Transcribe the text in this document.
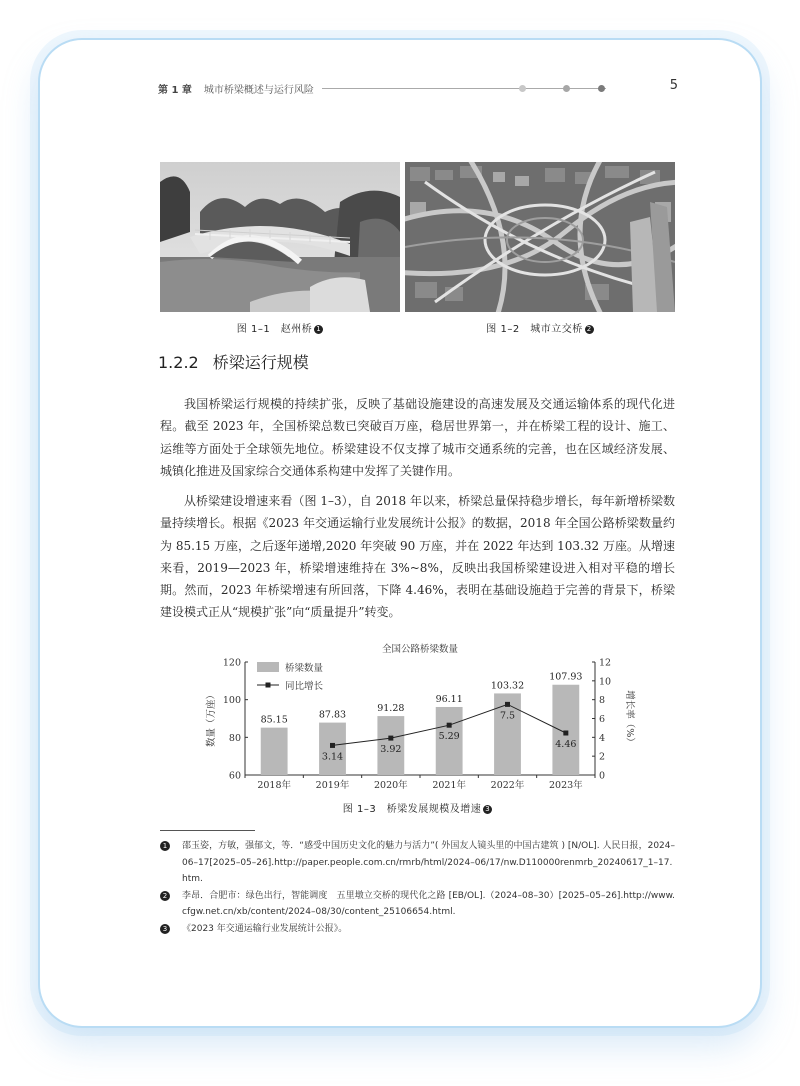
第 1 章 城市桥梁概述与运行风险	5
图 1–1　赵州桥 1	图 1–2　城市立交桥 2
1.2.2 桥梁运行规模

我国桥梁运行规模的持续扩张，反映了基础设施建设的高速发展及交通运输体系的现代化进程。截至 2023 年，全国桥梁总数已突破百万座，稳居世界第一，并在桥梁工程的设计、施工、运维等方面处于全球领先地位。桥梁建设不仅支撑了城市交通系统的完善，也在区域经济发展、城镇化推进及国家综合交通体系构建中发挥了关键作用。

从桥梁建设增速来看（图 1–3），自 2018 年以来，桥梁总量保持稳步增长，每年新增桥梁数量持续增长。根据《2023 年交通运输行业发展统计公报》的数据，2018 年全国公路桥梁数量约为 85.15 万座，之后逐年递增,2020 年突破 90 万座，并在 2022 年达到 103.32 万座。从增速来看，2019—2023 年，桥梁增速维持在 3%~8%，反映出我国桥梁建设进入相对平稳的增长期。然而，2023 年桥梁增速有所回落，下降 4.46%，表明在基础设施趋于完善的背景下，桥梁建设模式正从“规模扩张”向“质量提升”转变。

全国公路桥梁数量
60
80
100
120
0
2
4
6
8
10
12
85.15	87.83
91.28
96.11
103.32
107.93
2018年	2019年	2020年	2021年	2022年	2023年
3.14
3.92
5.29
7.5
4.46
桥梁数量
同比增长
数量（万座）	增长率（%）
图 1–3　桥梁发展规模及增速 3
1	邵玉姿，方敏，强郁文，等．“感受中国历史文化的魅力与活力”( 外国友人镜头里的中国古建筑 ) [N/OL]. 人民日报，2024–06–17[2025–05–26].http://paper.people.com.cn/rmrb/html/2024–06/17/nw.D110000renmrb_20240617_1–17.htm.
2	李昂．合肥市：绿色出行，智能调度　五里墩立交桥的现代化之路 [EB/OL].（2024–08–30）[2025–05–26].http://www.cfgw.net.cn/xb/content/2024–08/30/content_25106654.html.
3	《2023 年交通运输行业发展统计公报》。
